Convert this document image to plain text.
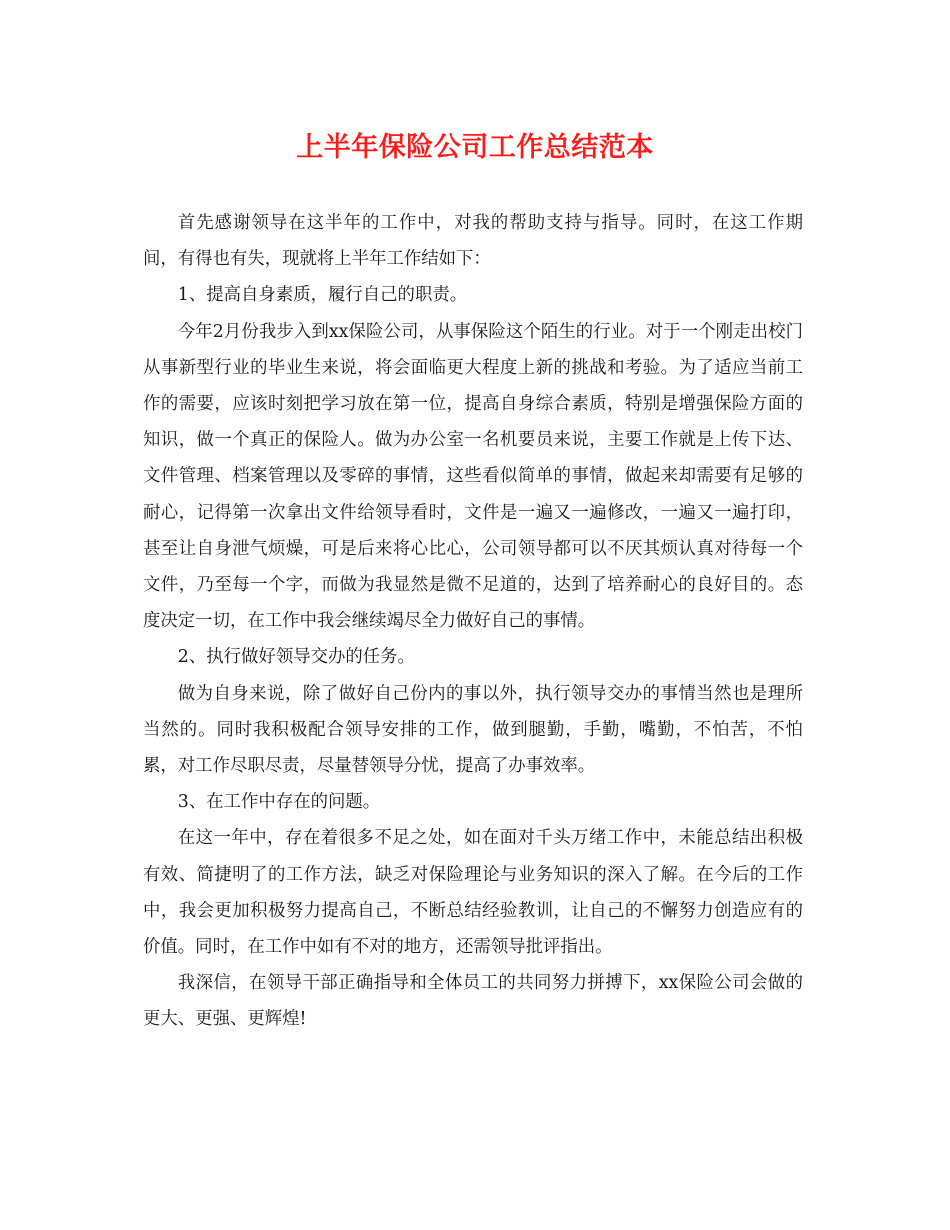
上半年保险公司工作总结范本

首先感谢领导在这半年的工作中，对我的帮助支持与指导。同时，在这工作期间，有得也有失，现就将上半年工作结如下：

1、提高自身素质，履行自己的职责。

今年2月份我步入到xx保险公司，从事保险这个陌生的行业。对于一个刚走出校门从事新型行业的毕业生来说，将会面临更大程度上新的挑战和考验。为了适应当前工作的需要，应该时刻把学习放在第一位，提高自身综合素质，特别是增强保险方面的知识，做一个真正的保险人。做为办公室一名机要员来说，主要工作就是上传下达、文件管理、档案管理以及零碎的事情，这些看似简单的事情，做起来却需要有足够的耐心，记得第一次拿出文件给领导看时，文件是一遍又一遍修改，一遍又一遍打印，甚至让自身泄气烦燥，可是后来将心比心，公司领导都可以不厌其烦认真对待每一个文件，乃至每一个字，而做为我显然是微不足道的，达到了培养耐心的良好目的。态度决定一切，在工作中我会继续竭尽全力做好自己的事情。

2、执行做好领导交办的任务。

做为自身来说，除了做好自己份内的事以外，执行领导交办的事情当然也是理所当然的。同时我积极配合领导安排的工作，做到腿勤，手勤，嘴勤，不怕苦，不怕累，对工作尽职尽责，尽量替领导分忧，提高了办事效率。

3、在工作中存在的问题。

在这一年中，存在着很多不足之处，如在面对千头万绪工作中，未能总结出积极有效、简捷明了的工作方法，缺乏对保险理论与业务知识的深入了解。在今后的工作中，我会更加积极努力提高自己，不断总结经验教训，让自己的不懈努力创造应有的价值。同时，在工作中如有不对的地方，还需领导批评指出。

我深信，在领导干部正确指导和全体员工的共同努力拼搏下，xx保险公司会做的更大、更强、更辉煌!
